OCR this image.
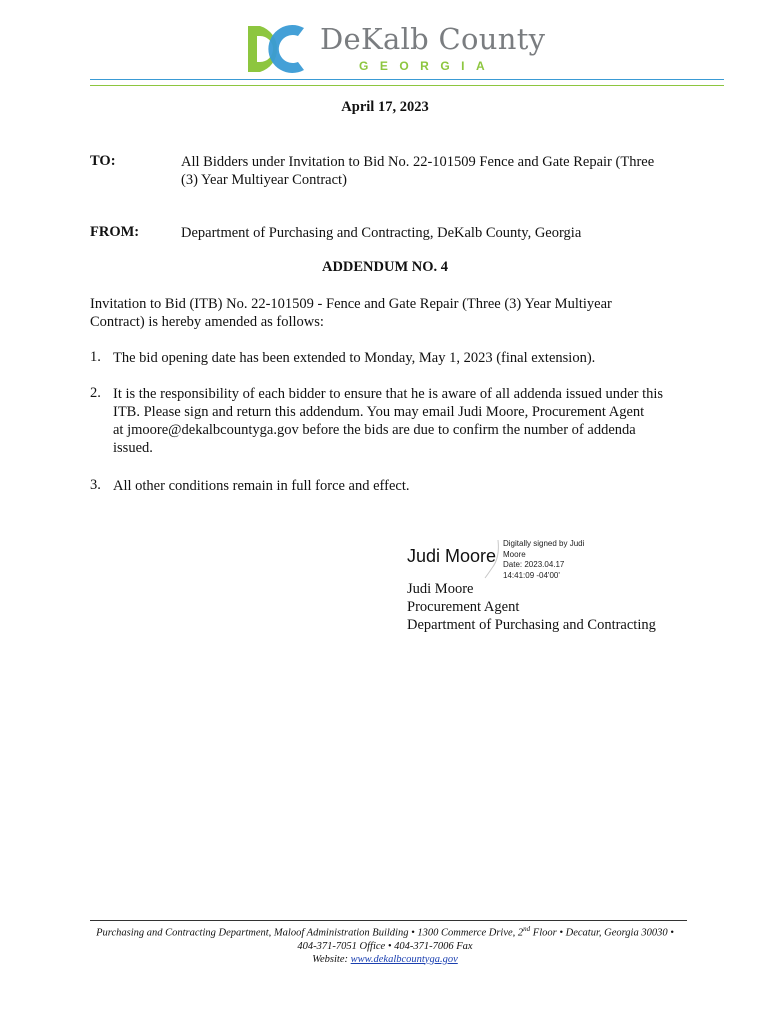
DeKalb County
GEORGIA
April 17, 2023
TO:	All Bidders under Invitation to Bid No. 22-101509 Fence and Gate Repair (Three
(3) Year Multiyear Contract)
FROM:	Department of Purchasing and Contracting, DeKalb County, Georgia
ADDENDUM NO. 4
Invitation to Bid (ITB) No. 22-101509 - Fence and Gate Repair (Three (3) Year Multiyear
Contract) is hereby amended as follows:
1. The bid opening date has been extended to Monday, May 1, 2023 (final extension).
2. It is the responsibility of each bidder to ensure that he is aware of all addenda issued under this
ITB. Please sign and return this addendum. You may email Judi Moore, Procurement Agent
at jmoore@dekalbcountyga.gov before the bids are due to confirm the number of addenda
issued.
3. All other conditions remain in full force and effect.
Judi Moore
Digitally signed by Judi
Moore
Date: 2023.04.17
14:41:09 -04'00'
Judi Moore
Procurement Agent
Department of Purchasing and Contracting
Purchasing and Contracting Department, Maloof Administration Building • 1300 Commerce Drive, 2nd Floor • Decatur, Georgia 30030 •
404-371-7051 Office • 404-371-7006 Fax
Website: www.dekalbcountyga.gov
